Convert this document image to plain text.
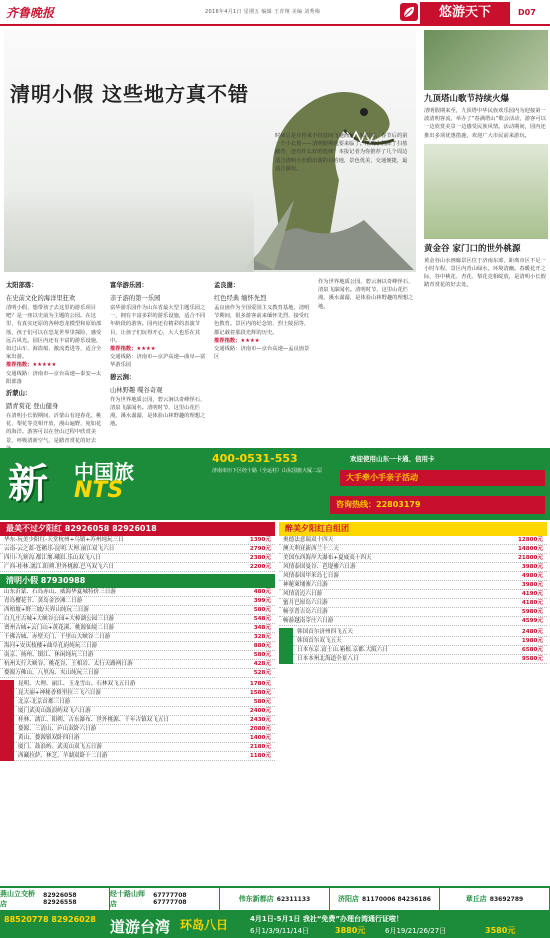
齐鲁晚报	2016年4月1日 星期五 编辑 王青翔 美编 刘秀梅	悠游天下	D07
清明小假 这些地方真不错
时间总是在你来不经意间飞驰而过，转眼间，春节后的第一个小长假——清明假期就要来临了。清明小假除了扫墓踏青，还有什么好的选择？本报记者为你推荐了几个周边适合清明小长假出游的目的地，景色优美，交通便捷，最适合游玩。
太阳部落：
在史前文化的海洋里狂欢
清明小假，想带孩子去这里的游乐项目吧？是一座以史前为主题的公园。在这里，有真实还原的各种恐龙模型和原始部落，孩子们可以在恐龙世界里探险，感受远古风光。园区内还有丰富的游乐设施，如过山车、海盗船、激流勇进等，适合全家出游。
推荐指数：★★★★★
交通线路：济南市—京台高速—泰安—太阳部落
沂蒙山：
踏青赏花 登山健身
在清明小长假期间，沂蒙山有迎春花、桃花、梨花等竞相开放，漫山遍野，宛如花的海洋。游客可以在登山过程中欣赏美景，呼吸清新空气，是踏青赏花的好去
富华游乐园：
亲子游的第一乐园
富华游乐园作为山东省最大型主题乐园之一，拥有丰富多彩的游乐设施，适合不同年龄段的游客。园内还有精彩的表演节目，让孩子们玩得开心，大人也乐在其中。
推荐指数：★★★★
交通线路：济南市—京沪高速—曲阜—富华游乐园
碧云涧：
山林野趣 喋谷奇观
作为世界地质公园，碧云涧以奇峰怪石、清泉飞瀑闻名。清明时节，这里山花烂漫，溪水潺潺，是体验山林野趣的理想之地。
孟良崮：
红色经典 缅怀先烈
孟良崮作为全国爱国主义教育基地，清明节期间，很多游客前来缅怀先烈、接受红色教育。景区内的纪念馆、烈士陵园等，都记载着那段光辉的历史。
推荐指数：★★★★
交通线路：济南市—京台高速—孟良崮景区
作为世界地质公园，碧云涧以奇峰怪石、清泉飞瀑闻名。清明时节，这里山花烂漫，溪水潺潺，是体验山林野趣的理想之地。
九顶塔山歌节持续火爆
清明假期来至，九顶塔中华民族欢乐园内为迎接第一波清明客流，举办了“春满塔山”歌会活动，游客可以一边欣赏美景一边感受民族风情。活动期间，园内还推出多项优惠措施，欢迎广大市民前来游玩。
黄金谷 家门口的世外桃源
黄金谷山水画廊景区位于济南东部，距离市区不足一小时车程，景区内青山绿水，环境清幽。春暖花开之际，谷中桃花、杏花、梨花竞相绽放，是清明小长假踏青赏花的好去处。
新 中国旅
NTS
400-0531-553	欢迎使用山东一卡通、信用卡
济南市历下区经十路（全运村）山东国旅大厦二层
大手牵小手亲子活动
咨询热线：22803179
最美不过夕阳红 82926058 82926018
华东-玩美少阳红-天堂杭州+乌镇+苏州纯玩三日	1390元
云南-云之蓝-苍鹅乐-昆明.大理.丽江双飞六日	2790元
四川-九寨沟.都江堰.峨眉.乐山双飞八日	2380元
广西-桂林.漓江.阳朔.世外桃源.巴马双飞六日	2200元
清明小假 87930988
山东沂蒙、石岛赤山、威海华夏城特价三日游	480元
青岛樱花节、黄岛金沙滩二日游	399元
西柏坡+野三坡/天界山纯玩三日游	580元
白儿庄古城+大峡谷公园+大樟湖公园三日游	548元
贾州古城+云门山+黄花溪、桃源仙境二日游	348元
千佛古城、赤壁天门、千里山大峡谷二日游	328元
海河+安庆枝楼+曲阜孔府纯玩三日游	880元
南京、扬州、镇江、休闲纯玩三日游	580元
杭州太行大峡谷、桃花谷、王相岩、太行天路两日游	428元
婺源万佛山、八里沟、夹山纯玩三日游	528元
昆明、大理、丽江、玉龙雪山、石林双飞五日游	1780元
昆大丽+神秘香格里拉三飞六日游	1580元
北京-北京首都三日游	580元
厦门武夷山鼓浪屿双飞六日游	2400元
桂林、漓江、阳朔、古东瀑布、世外桃源、千年古镇双飞五日	2430元
婺源、三清山、庐山双卧六日游	2080元
黄山、婺源镇双卧四日游	1400元
厦门、鼓浪屿、武夷山双飞五日游	2180元
西藏拉萨、林芝、羊湖双卧十二日游	1180元
醉美夕阳红自组团
奥德法意瑞双十四天	12800元
澳大利亚新西兰十二天	14800元
美国东西海岸大瀑布+夏威夷十四天	21800元
风情泰国曼谷、芭堤雅六日游	3980元
风情泰国甲米岛七日游	4980元
神秘柬埔寨六日游	3980元
风情清迈六日游	4190元
蜜月巴厘岛六日游	4180元
畅享普吉岛六日游	5980元
畅游越南芽庄六日游	4599元
韩国首尔济州四飞五天	2480元
韩国首尔双飞五天	1980元
日本东京.富士山.箱根.京都.大阪六日	6580元
日本本州北海道全景八日	9580元
燕山立交桥店
82926058 82926558
经十路山师店
67777708 67777708	伟东新都店 62311133	济阳店 81170006 84236186	章丘店 83692789
88520778 82926028 道游台湾 环岛八日	4月1日-5月1日 我社“免费”办理台湾通行证啦！
6月1/3/9/11/14日	3880元	6月19/21/26/27日	3580元
